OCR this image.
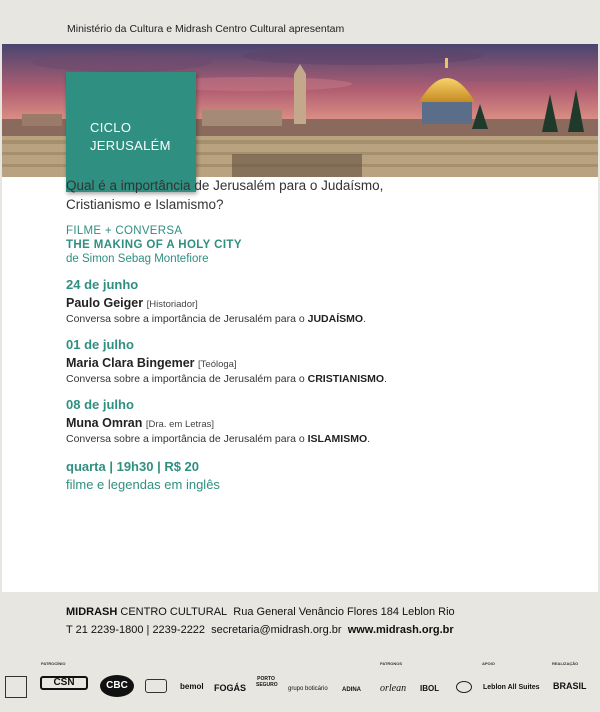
Ministério da Cultura e Midrash Centro Cultural apresentam
CICLO
JERUSALÉM
Qual é a importância de Jerusalém para o Judaísmo,
Cristianismo e Islamismo?
FILME + CONVERSA
THE MAKING OF A HOLY CITY
de Simon Sebag Montefiore
24 de junho
Paulo Geiger [Historiador]
Conversa sobre a importância de Jerusalém para o JUDAÍSMO.
01 de julho
Maria Clara Bingemer [Teóloga]
Conversa sobre a importância de Jerusalém para o CRISTIANISMO.
08 de julho
Muna Omran [Dra. em Letras]
Conversa sobre a importância de Jerusalém para o ISLAMISMO.
quarta | 19h30 | R$ 20
filme e legendas em inglês
MIDRASH CENTRO CULTURAL Rua General Venâncio Flores 184 Leblon Rio
T 21 2239-1800 | 2239-2222 secretaria@midrash.org.br www.midrash.org.br
PATROCÍNIO	PATRONOS	APOIO	REALIZAÇÃO
CSN	CBC	bemol FOGÁS
PORTO SEGURO
grupo boticário ADINA orlean IBOL	Leblon All Suites BRASIL
